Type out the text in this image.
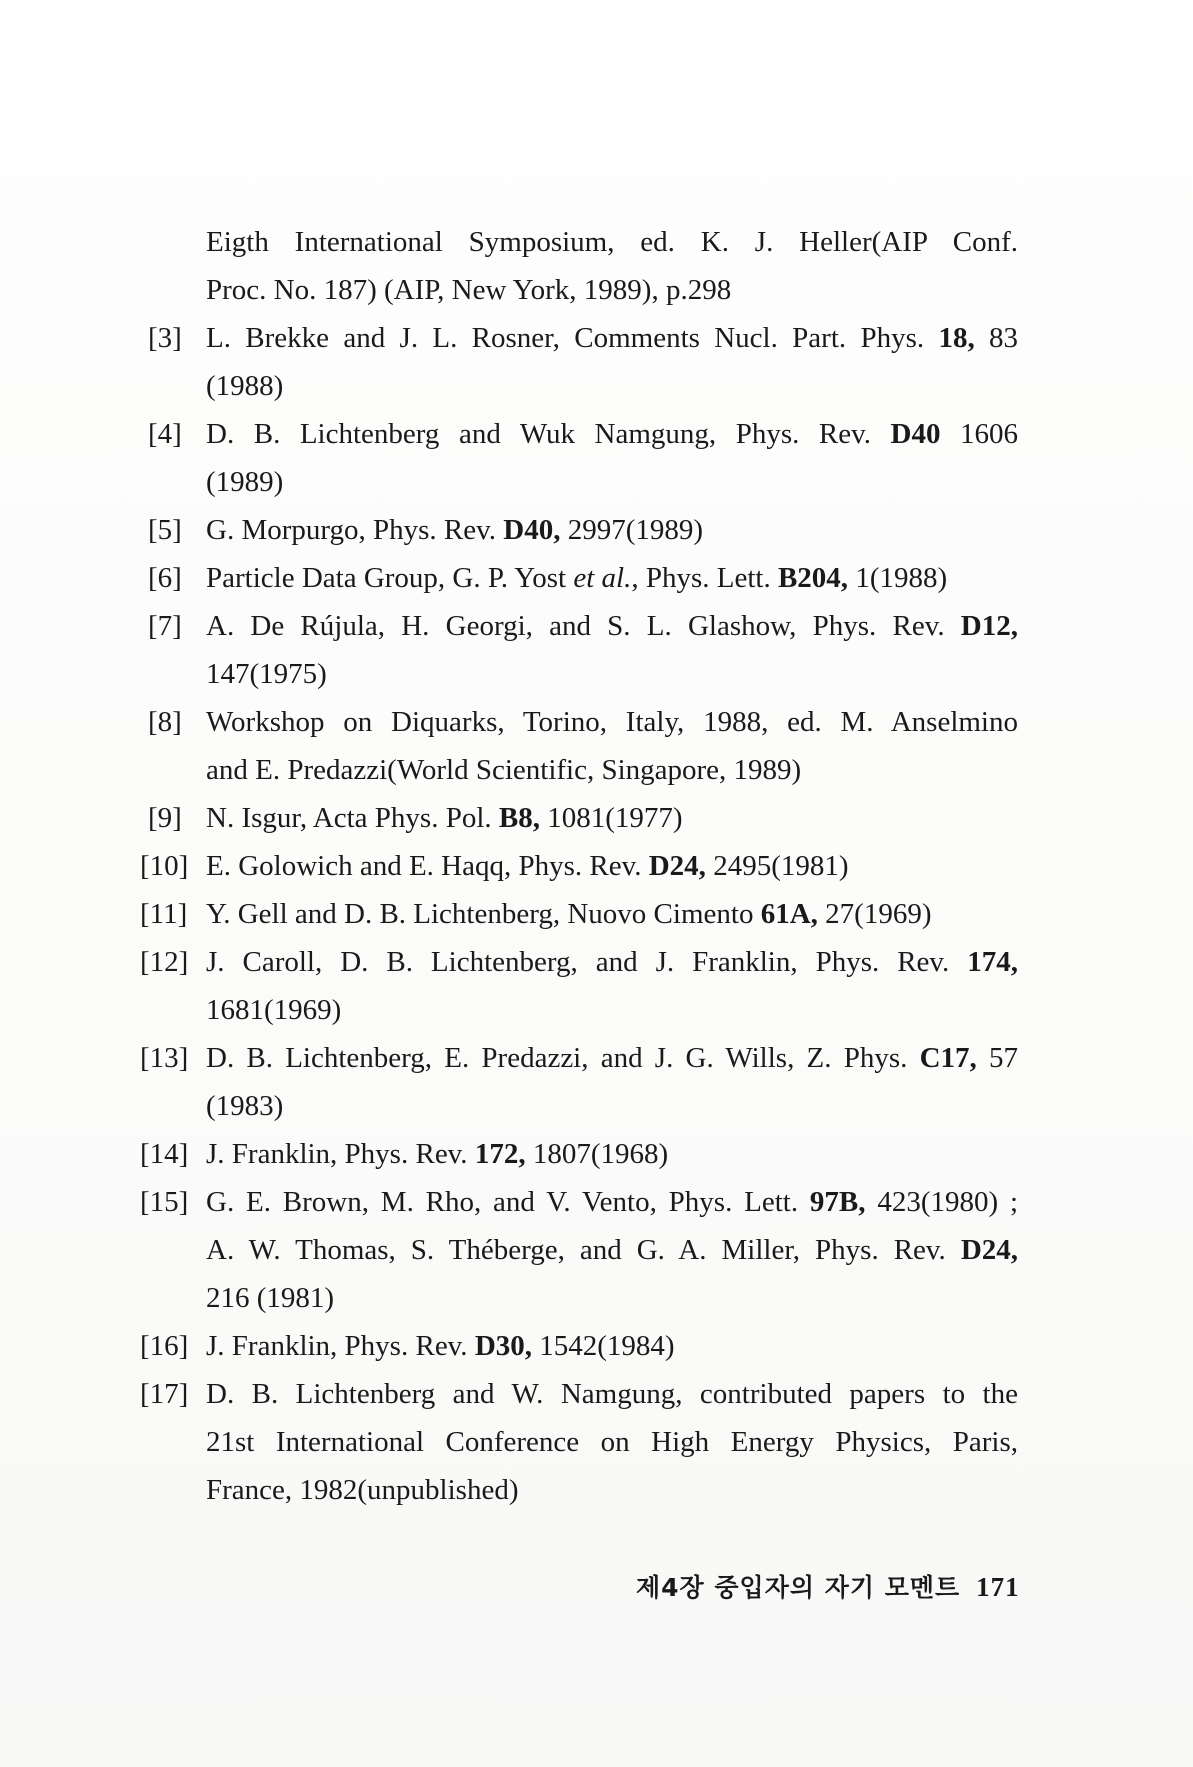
Eigth International Symposium, ed. K. J. Heller(AIP Conf.
Proc. No. 187) (AIP, New York, 1989), p.298
[3] L. Brekke and J. L. Rosner, Comments Nucl. Part. Phys. 18, 83
(1988)
[4] D. B. Lichtenberg and Wuk Namgung, Phys. Rev. D40 1606
(1989)
[5] G. Morpurgo, Phys. Rev. D40, 2997(1989)
[6] Particle Data Group, G. P. Yost et al., Phys. Lett. B204, 1(1988)
[7] A. De Rújula, H. Georgi, and S. L. Glashow, Phys. Rev. D12,
147(1975)
[8] Workshop on Diquarks, Torino, Italy, 1988, ed. M. Anselmino
and E. Predazzi(World Scientific, Singapore, 1989)
[9] N. Isgur, Acta Phys. Pol. B8, 1081(1977)
[10] E. Golowich and E. Haqq, Phys. Rev. D24, 2495(1981)
[11] Y. Gell and D. B. Lichtenberg, Nuovo Cimento 61A, 27(1969)
[12] J. Caroll, D. B. Lichtenberg, and J. Franklin, Phys. Rev. 174,
1681(1969)
[13] D. B. Lichtenberg, E. Predazzi, and J. G. Wills, Z. Phys. C17, 57
(1983)
[14] J. Franklin, Phys. Rev. 172, 1807(1968)
[15] G. E. Brown, M. Rho, and V. Vento, Phys. Lett. 97B, 423(1980) ;
A. W. Thomas, S. Théberge, and G. A. Miller, Phys. Rev. D24,
216 (1981)
[16] J. Franklin, Phys. Rev. D30, 1542(1984)
[17] D. B. Lichtenberg and W. Namgung, contributed papers to the
21st International Conference on High Energy Physics, Paris,
France, 1982(unpublished)
제4장 중입자의 자기 모멘트 171
